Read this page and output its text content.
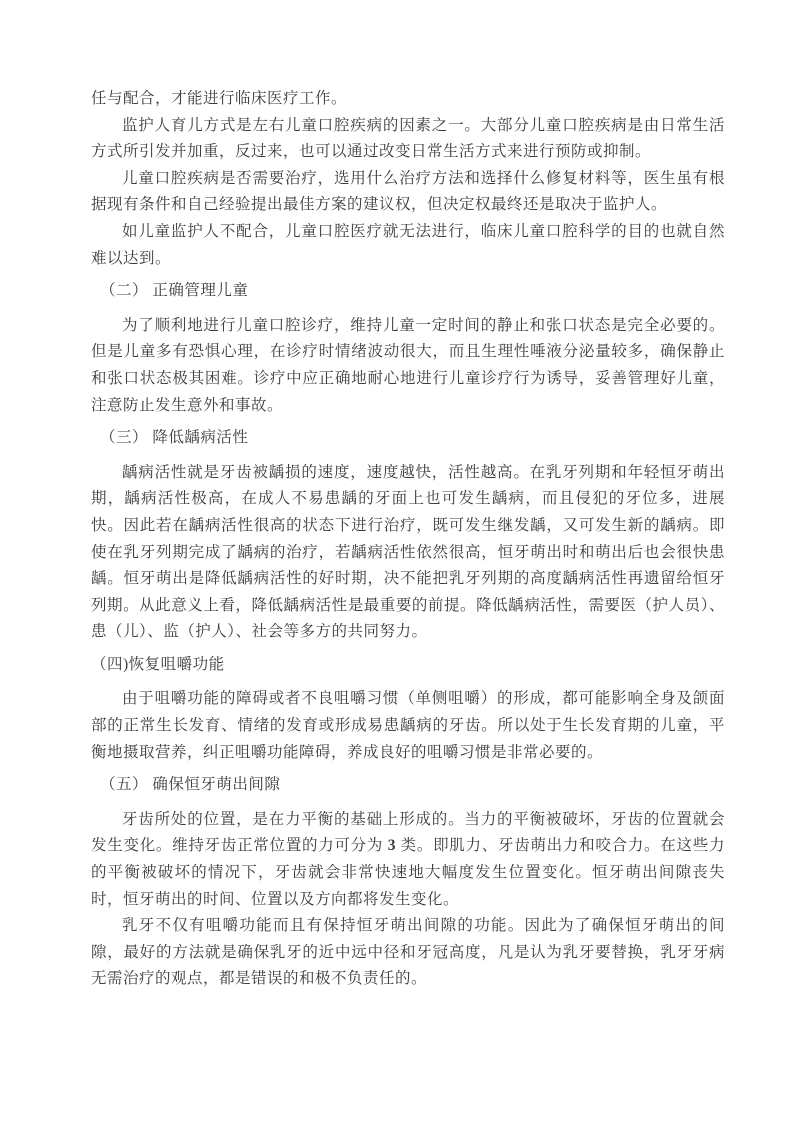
任与配合，才能进行临床医疗工作。

监护人育儿方式是左右儿童口腔疾病的因素之一。大部分儿童口腔疾病是由日常生活方式所引发并加重，反过来，也可以通过改变日常生活方式来进行预防或抑制。

儿童口腔疾病是否需要治疗，选用什么治疗方法和选择什么修复材料等，医生虽有根据现有条件和自己经验提出最佳方案的建议权，但决定权最终还是取决于监护人。

如儿童监护人不配合，儿童口腔医疗就无法进行，临床儿童口腔科学的目的也就自然难以达到。

（二） 正确管理儿童

为了顺利地进行儿童口腔诊疗，维持儿童一定时间的静止和张口状态是完全必要的。但是儿童多有恐惧心理，在诊疗时情绪波动很大，而且生理性唾液分泌量较多，确保静止和张口状态极其困难。诊疗中应正确地耐心地进行儿童诊疗行为诱导，妥善管理好儿童，注意防止发生意外和事故。

（三） 降低龋病活性

龋病活性就是牙齿被龋损的速度，速度越快，活性越高。在乳牙列期和年轻恒牙萌出期，龋病活性极高，在成人不易患龋的牙面上也可发生龋病，而且侵犯的牙位多，进展快。因此若在龋病活性很高的状态下进行治疗，既可发生继发龋，又可发生新的龋病。即使在乳牙列期完成了龋病的治疗，若龋病活性依然很高，恒牙萌出时和萌出后也会很快患龋。恒牙萌出是降低龋病活性的好时期，决不能把乳牙列期的高度龋病活性再遗留给恒牙列期。从此意义上看，降低龋病活性是最重要的前提。降低龋病活性，需要医（护人员）、患（儿）、监（护人）、社会等多方的共同努力。

（四)恢复咀嚼功能

由于咀嚼功能的障碍或者不良咀嚼习惯（单侧咀嚼）的形成，都可能影响全身及颌面部的正常生长发育、情绪的发育或形成易患龋病的牙齿。所以处于生长发育期的儿童，平衡地摄取营养，纠正咀嚼功能障碍，养成良好的咀嚼习惯是非常必要的。

（五） 确保恒牙萌出间隙

牙齿所处的位置，是在力平衡的基础上形成的。当力的平衡被破坏，牙齿的位置就会发生变化。维持牙齿正常位置的力可分为 3 类。即肌力、牙齿萌出力和咬合力。在这些力的平衡被破坏的情况下，牙齿就会非常快速地大幅度发生位置变化。恒牙萌出间隙丧失时，恒牙萌出的时间、位置以及方向都将发生变化。

乳牙不仅有咀嚼功能而且有保持恒牙萌出间隙的功能。因此为了确保恒牙萌出的间隙，最好的方法就是确保乳牙的近中远中径和牙冠高度，凡是认为乳牙要替换，乳牙牙病无需治疗的观点，都是错误的和极不负责任的。
